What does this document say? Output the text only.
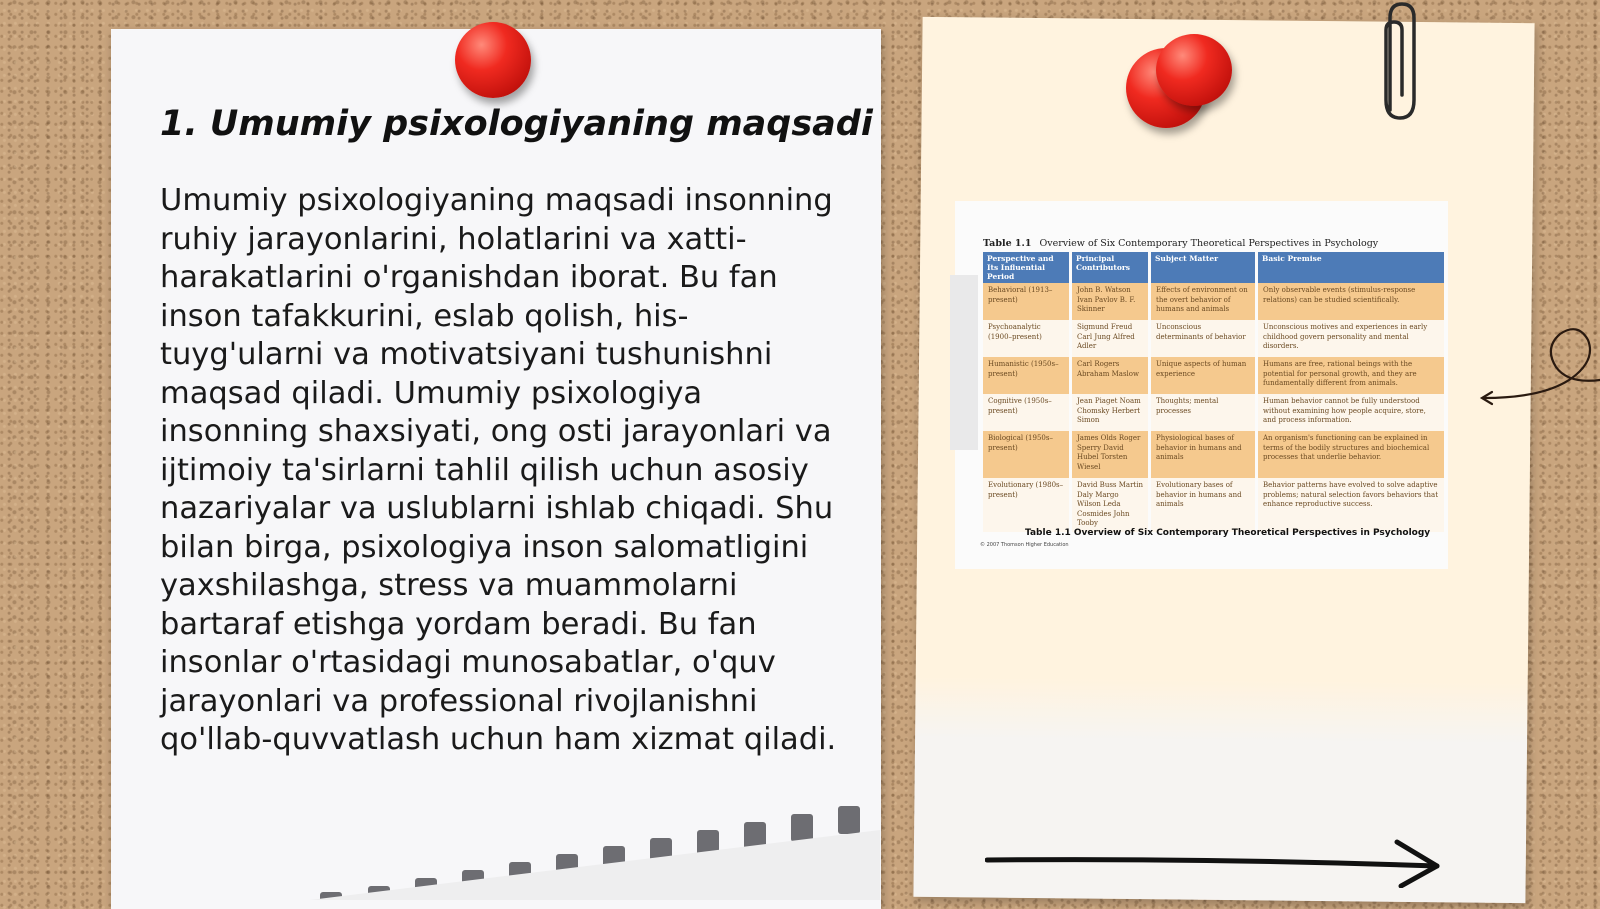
1. Umumiy psixologiyaning maqsadi

Umumiy psixologiyaning maqsadi insonning ruhiy jarayonlarini, holatlarini va xatti-harakatlarini o'rganishdan iborat. Bu fan inson tafakkurini, eslab qolish, his-tuyg'ularni va motivatsiyani tushunishni maqsad qiladi. Umumiy psixologiya insonning shaxsiyati, ong osti jarayonlari va ijtimoiy ta'sirlarni tahlil qilish uchun asosiy nazariyalar va uslublarni ishlab chiqadi. Shu bilan birga, psixologiya inson salomatligini yaxshilashga, stress va muammolarni bartaraf etishga yordam beradi. Bu fan insonlar o'rtasidagi munosabatlar, o'quv jarayonlari va professional rivojlanishni qo'llab-quvvatlash uchun ham xizmat qiladi.

Table 1.1 Overview of Six Contemporary Theoretical Perspectives in Psychology
Perspective and Its Influential Period	Principal Contributors	Subject Matter	Basic Premise
Behavioral (1913–present)	John B. Watson Ivan Pavlov B. F. Skinner	Effects of environment on the overt behavior of humans and animals	Only observable events (stimulus-response relations) can be studied scientifically.
Psychoanalytic (1900–present)	Sigmund Freud Carl Jung Alfred Adler	Unconscious determinants of behavior	Unconscious motives and experiences in early childhood govern personality and mental disorders.
Humanistic (1950s–present)	Carl Rogers Abraham Maslow	Unique aspects of human experience	Humans are free, rational beings with the potential for personal growth, and they are fundamentally different from animals.
Cognitive (1950s–present)	Jean Piaget Noam Chomsky Herbert Simon	Thoughts; mental processes	Human behavior cannot be fully understood without examining how people acquire, store, and process information.
Biological (1950s–present)	James Olds Roger Sperry David Hubel Torsten Wiesel	Physiological bases of behavior in humans and animals	An organism's functioning can be explained in terms of the bodily structures and biochemical processes that underlie behavior.
Evolutionary (1980s–present)	David Buss Martin Daly Margo Wilson Leda Cosmides John Tooby	Evolutionary bases of behavior in humans and animals	Behavior patterns have evolved to solve adaptive problems; natural selection favors behaviors that enhance reproductive success.
Table 1.1 Overview of Six Contemporary Theoretical Perspectives in Psychology
© 2007 Thomson Higher Education
